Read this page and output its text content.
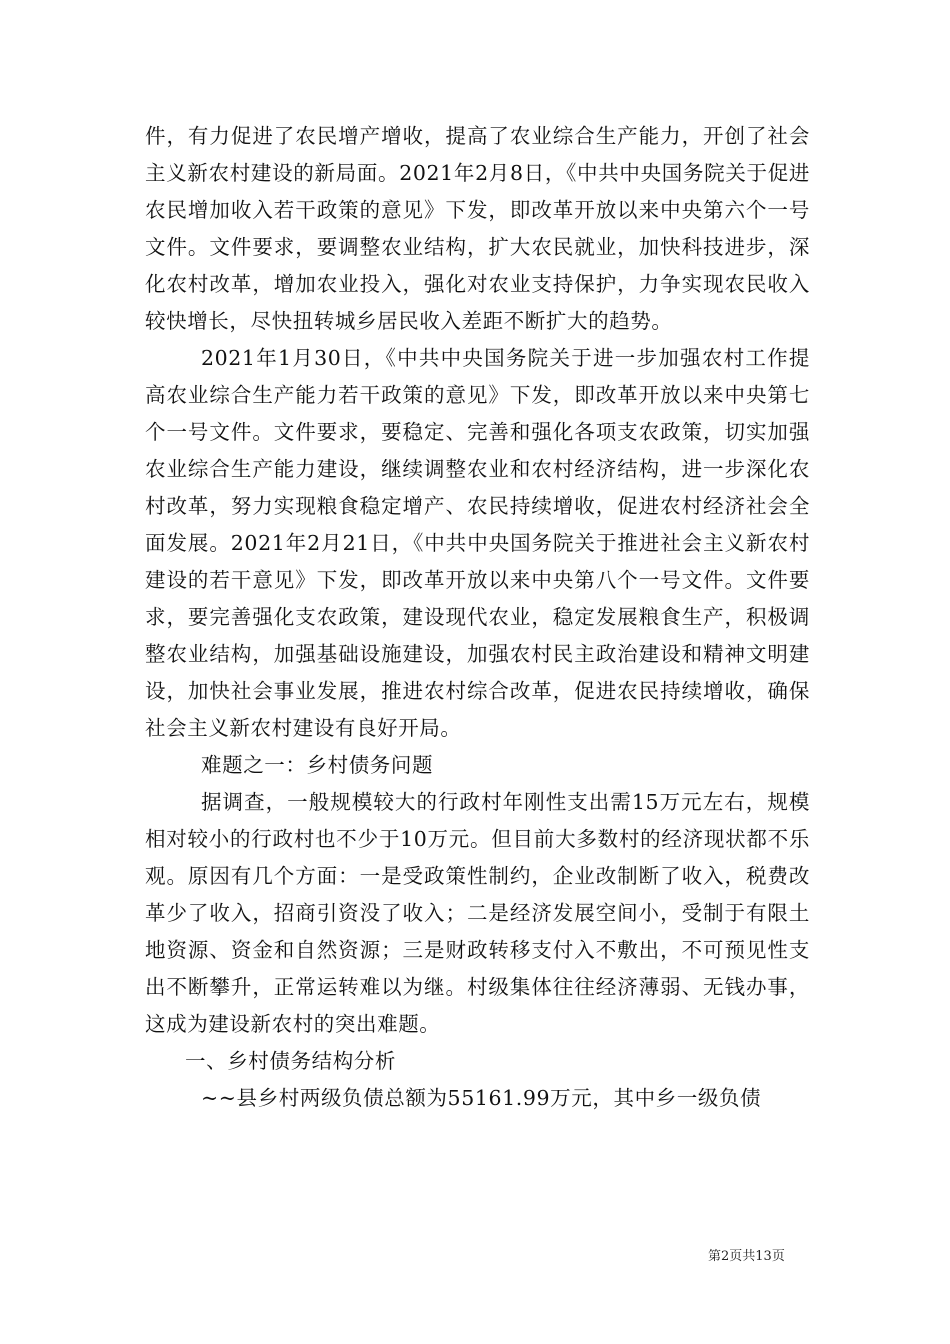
件，有力促进了农民增产增收，提高了农业综合生产能力，开创了社会主义新农村建设的新局面。2021年2月8日，《中共中央国务院关于促进农民增加收入若干政策的意见》下发，即改革开放以来中央第六个一号文件。文件要求，要调整农业结构，扩大农民就业，加快科技进步，深化农村改革，增加农业投入，强化对农业支持保护，力争实现农民收入较快增长，尽快扭转城乡居民收入差距不断扩大的趋势。

2021年1月30日，《中共中央国务院关于进一步加强农村工作提高农业综合生产能力若干政策的意见》下发，即改革开放以来中央第七个一号文件。文件要求，要稳定、完善和强化各项支农政策，切实加强农业综合生产能力建设，继续调整农业和农村经济结构，进一步深化农村改革，努力实现粮食稳定增产、农民持续增收，促进农村经济社会全面发展。2021年2月21日，《中共中央国务院关于推进社会主义新农村建设的若干意见》下发，即改革开放以来中央第八个一号文件。文件要求，要完善强化支农政策，建设现代农业，稳定发展粮食生产，积极调整农业结构，加强基础设施建设，加强农村民主政治建设和精神文明建设，加快社会事业发展，推进农村综合改革，促进农民持续增收，确保社会主义新农村建设有良好开局。

难题之一：乡村债务问题

据调查，一般规模较大的行政村年刚性支出需15万元左右，规模相对较小的行政村也不少于10万元。但目前大多数村的经济现状都不乐观。原因有几个方面：一是受政策性制约，企业改制断了收入，税费改革少了收入，招商引资没了收入；二是经济发展空间小，受制于有限土地资源、资金和自然资源；三是财政转移支付入不敷出，不可预见性支出不断攀升，正常运转难以为继。村级集体往往经济薄弱、无钱办事，这成为建设新农村的突出难题。

一、乡村债务结构分析

~~县乡村两级负债总额为55161.99万元，其中乡一级负债

第2页共13页
